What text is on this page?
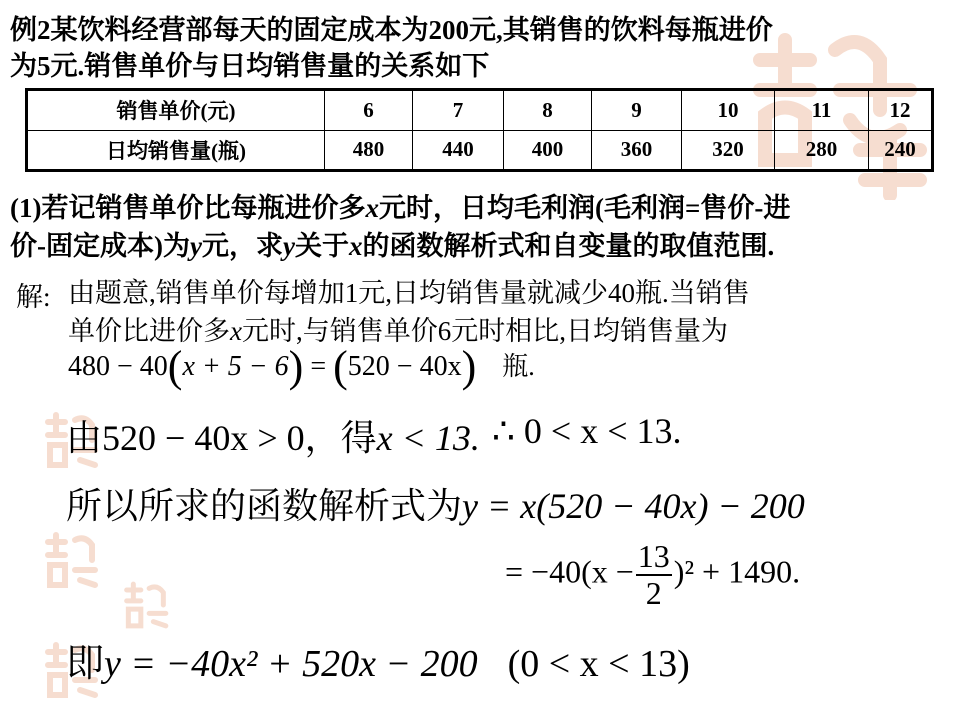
例2某饮料经营部每天的固定成本为200元,其销售的饮料每瓶进价
为5元.销售单价与日均销售量的关系如下
销售单价(元)	6	7	8	9	10	11	12
日均销售量(瓶)	480	440	400	360	320	280	240
(1)若记销售单价比每瓶进价多x元时，日均毛利润(毛利润=售价-进
价-固定成本)为y元，求y关于x的函数解析式和自变量的取值范围.
解: 由题意,销售单价每增加1元,日均销售量就减少40瓶.当销售
单价比进价多x元时,与销售单价6元时相比,日均销售量为
480 − 40(x + 5 − 6) = (520 − 40x) 瓶.
由520 − 40x > 0，得x < 13. ∴ 0 < x < 13.
所以所求的函数解析式为y = x(520 − 40x) − 200
= $-40(x - \frac{13}{2} )^2 + 1490$.
即y = −40x² + 520x − 200 (0 < x < 13)
